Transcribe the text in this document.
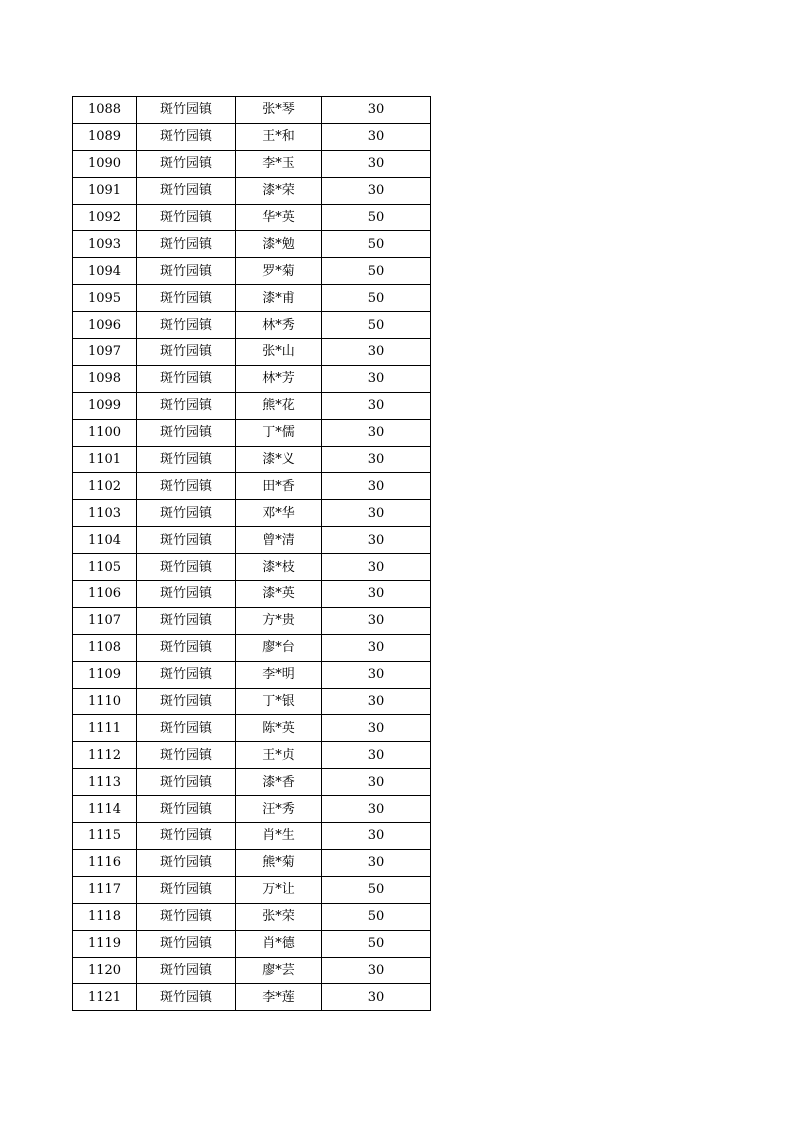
1088	斑竹园镇	张*琴	30
1089	斑竹园镇	王*和	30
1090	斑竹园镇	李*玉	30
1091	斑竹园镇	漆*荣	30
1092	斑竹园镇	华*英	50
1093	斑竹园镇	漆*勉	50
1094	斑竹园镇	罗*菊	50
1095	斑竹园镇	漆*甫	50
1096	斑竹园镇	林*秀	50
1097	斑竹园镇	张*山	30
1098	斑竹园镇	林*芳	30
1099	斑竹园镇	熊*花	30
1100	斑竹园镇	丁*儒	30
1101	斑竹园镇	漆*义	30
1102	斑竹园镇	田*香	30
1103	斑竹园镇	邓*华	30
1104	斑竹园镇	曾*清	30
1105	斑竹园镇	漆*枝	30
1106	斑竹园镇	漆*英	30
1107	斑竹园镇	方*贵	30
1108	斑竹园镇	廖*台	30
1109	斑竹园镇	李*明	30
1110	斑竹园镇	丁*银	30
1111	斑竹园镇	陈*英	30
1112	斑竹园镇	王*贞	30
1113	斑竹园镇	漆*香	30
1114	斑竹园镇	汪*秀	30
1115	斑竹园镇	肖*生	30
1116	斑竹园镇	熊*菊	30
1117	斑竹园镇	万*让	50
1118	斑竹园镇	张*荣	50
1119	斑竹园镇	肖*德	50
1120	斑竹园镇	廖*芸	30
1121	斑竹园镇	李*莲	30
